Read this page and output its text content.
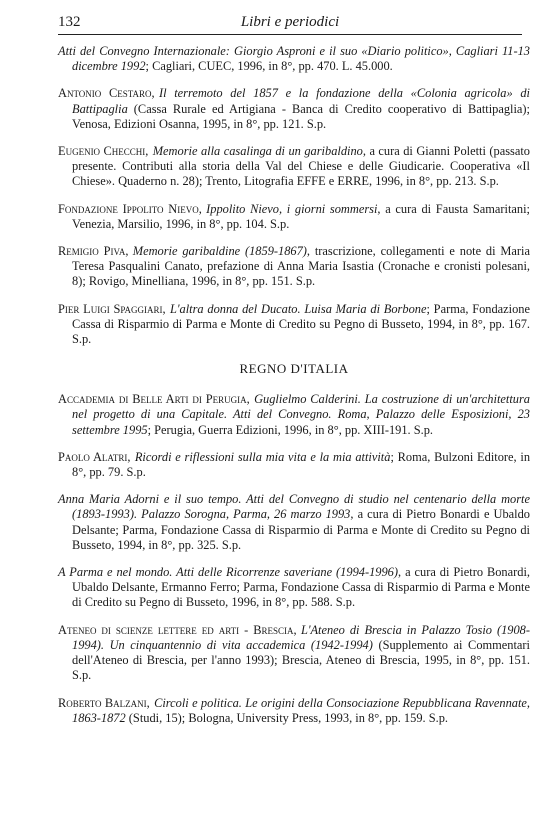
132	Libri e periodici

Atti del Convegno Internazionale: Giorgio Asproni e il suo «Diario politico», Cagliari 11-13 dicembre 1992; Cagliari, CUEC, 1996, in 8°, pp. 470. L. 45.000.

Antonio Cestaro, Il terremoto del 1857 e la fondazione della «Colonia agricola» di Battipaglia (Cassa Rurale ed Artigiana - Banca di Credito cooperativo di Battipaglia); Venosa, Edizioni Osanna, 1995, in 8°, pp. 121. S.p.

Eugenio Checchi, Memorie alla casalinga di un garibaldino, a cura di Gianni Poletti (passato presente. Contributi alla storia della Val del Chiese e delle Giudicarie. Cooperativa «Il Chiese». Quaderno n. 28); Trento, Litografia EFFE e ERRE, 1996, in 8°, pp. 213. S.p.

Fondazione Ippolito Nievo, Ippolito Nievo, i giorni sommersi, a cura di Fausta Samaritani; Venezia, Marsilio, 1996, in 8°, pp. 104. S.p.

Remigio Piva, Memorie garibaldine (1859-1867), trascrizione, collegamenti e note di Maria Teresa Pasqualini Canato, prefazione di Anna Maria Isastia (Cronache e cronisti polesani, 8); Rovigo, Minelliana, 1996, in 8°, pp. 151. S.p.

Pier Luigi Spaggiari, L'altra donna del Ducato. Luisa Maria di Borbone; Parma, Fondazione Cassa di Risparmio di Parma e Monte di Credito su Pegno di Busseto, 1994, in 8°, pp. 167. S.p.

REGNO D'ITALIA

Accademia di Belle Arti di Perugia, Guglielmo Calderini. La costruzione di un'architettura nel progetto di una Capitale. Atti del Convegno. Roma, Palazzo delle Esposizioni, 23 settembre 1995; Perugia, Guerra Edizioni, 1996, in 8°, pp. XIII-191. S.p.

Paolo Alatri, Ricordi e riflessioni sulla mia vita e la mia attività; Roma, Bulzoni Editore, in 8°, pp. 79. S.p.

Anna Maria Adorni e il suo tempo. Atti del Convegno di studio nel centenario della morte (1893-1993). Palazzo Sorogna, Parma, 26 marzo 1993, a cura di Pietro Bonardi e Ubaldo Delsante; Parma, Fondazione Cassa di Risparmio di Parma e Monte di Credito su Pegno di Busseto, 1994, in 8°, pp. 325. S.p.

A Parma e nel mondo. Atti delle Ricorrenze saveriane (1994-1996), a cura di Pietro Bonardi, Ubaldo Delsante, Ermanno Ferro; Parma, Fondazione Cassa di Risparmio di Parma e Monte di Credito su Pegno di Busseto, 1996, in 8°, pp. 588. S.p.

Ateneo di scienze lettere ed arti - Brescia, L'Ateneo di Brescia in Palazzo Tosio (1908-1994). Un cinquantennio di vita accademica (1942-1994) (Supplemento ai Commentari dell'Ateneo di Brescia, per l'anno 1993); Brescia, Ateneo di Brescia, 1995, in 8°, pp. 151. S.p.

Roberto Balzani, Circoli e politica. Le origini della Consociazione Repubblicana Ravennate, 1863-1872 (Studi, 15); Bologna, University Press, 1993, in 8°, pp. 159. S.p.
